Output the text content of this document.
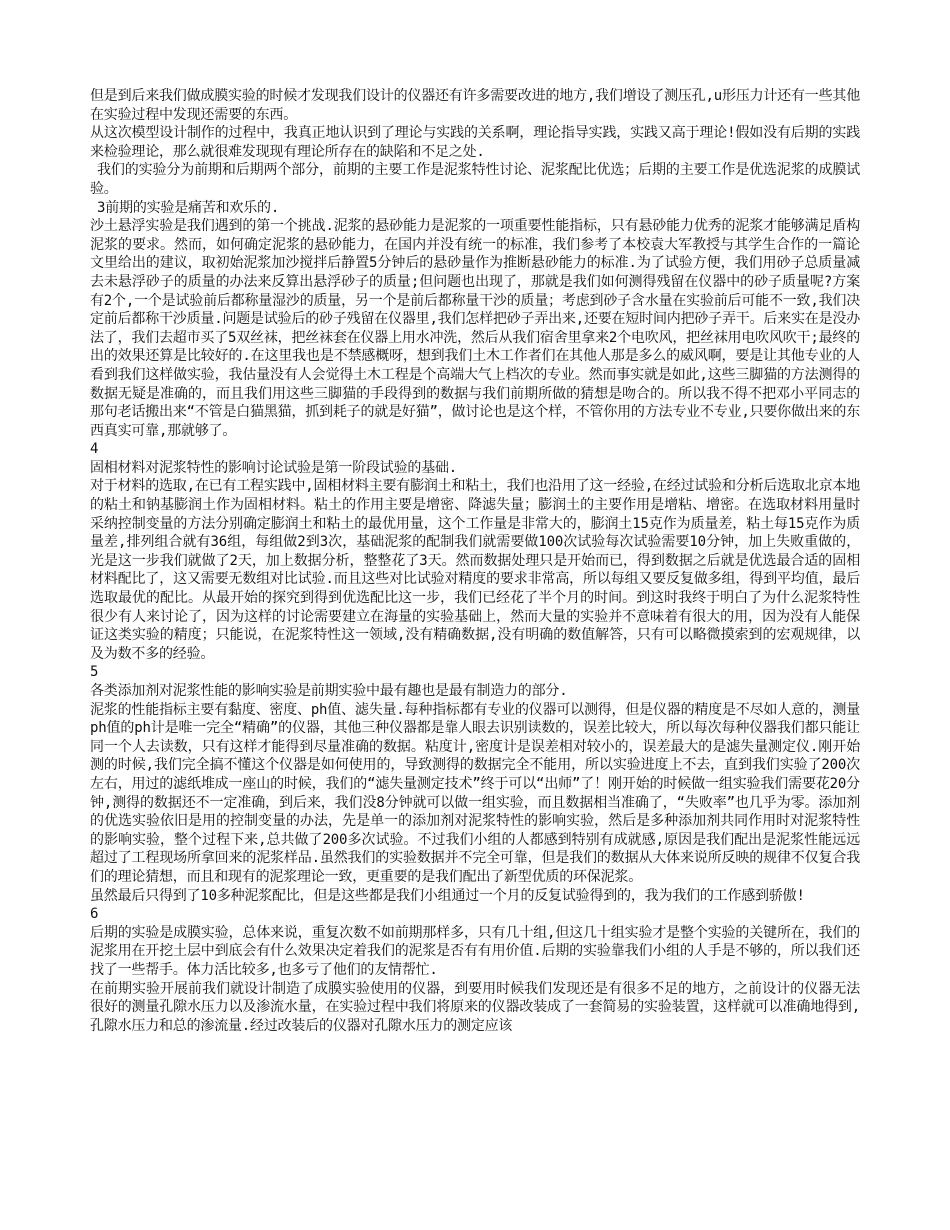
但是到后来我们做成膜实验的时候才发现我们设计的仪器还有许多需要改进的地方,我们增设了测压孔,u形压力计还有一些其他在实验过程中发现还需要的东西。

从这次模型设计制作的过程中，我真正地认识到了理论与实践的关系啊，理论指导实践，实践又高于理论!假如没有后期的实践来检验理论，那么就很难发现现有理论所存在的缺陷和不足之处.

我们的实验分为前期和后期两个部分，前期的主要工作是泥浆特性讨论、泥浆配比优选；后期的主要工作是优选泥浆的成膜试验。

3前期的实验是痛苦和欢乐的.

沙土悬浮实验是我们遇到的第一个挑战.泥浆的悬砂能力是泥浆的一项重要性能指标，只有悬砂能力优秀的泥浆才能够满足盾构泥浆的要求。然而，如何确定泥浆的悬砂能力，在国内并没有统一的标准，我们参考了本校袁大军教授与其学生合作的一篇论文里给出的建议，取初始泥浆加沙搅拌后静置5分钟后的悬砂量作为推断悬砂能力的标准.为了试验方便，我们用砂子总质量减去未悬浮砂子的质量的办法来反算出悬浮砂子的质量;但问题也出现了，那就是我们如何测得残留在仪器中的砂子质量呢?方案有2个,一个是试验前后都称量湿沙的质量，另一个是前后都称量干沙的质量；考虑到砂子含水量在实验前后可能不一致,我们决定前后都称干沙质量.问题是试验后的砂子残留在仪器里,我们怎样把砂子弄出来,还要在短时间内把砂子弄干。后来实在是没办法了，我们去超市买了5双丝袜，把丝袜套在仪器上用水冲洗，然后从我们宿舍里拿来2个电吹风，把丝袜用电吹风吹干;最终的出的效果还算是比较好的.在这里我也是不禁感概呀，想到我们土木工作者们在其他人那是多么的威风啊，要是让其他专业的人看到我们这样做实验，我估量没有人会觉得土木工程是个高端大气上档次的专业。然而事实就是如此,这些三脚猫的方法测得的数据无疑是准确的，而且我们用这些三脚猫的手段得到的数据与我们前期所做的猜想是吻合的。所以我不得不把邓小平同志的那句老话搬出来“不管是白猫黑猫，抓到耗子的就是好猫”，做讨论也是这个样，不管你用的方法专业不专业,只要你做出来的东西真实可靠,那就够了。

4

固相材料对泥浆特性的影响讨论试验是第一阶段试验的基础.

对于材料的选取,在已有工程实践中,固相材料主要有膨润土和粘土，我们也沿用了这一经验,在经过试验和分析后选取北京本地的粘土和钠基膨润土作为固相材料。粘土的作用主要是增密、降滤失量；膨润土的主要作用是增粘、增密。在选取材料用量时采纳控制变量的方法分别确定膨润土和粘土的最优用量，这个工作量是非常大的，膨润土15克作为质量差，粘土每15克作为质量差,排列组合就有36组，每组做2到3次，基础泥浆的配制我们就需要做100次试验每次试验需要10分钟，加上失败重做的，光是这一步我们就做了2天，加上数据分析，整整花了3天。然而数据处理只是开始而已，得到数据之后就是优选最合适的固相材料配比了，这又需要无数组对比试验.而且这些对比试验对精度的要求非常高，所以每组又要反复做多组，得到平均值，最后选取最优的配比。从最开始的探究到得到优选配比这一步，我们已经花了半个月的时间。到这时我终于明白了为什么泥浆特性很少有人来讨论了，因为这样的讨论需要建立在海量的实验基础上，然而大量的实验并不意味着有很大的用，因为没有人能保证这类实验的精度；只能说，在泥浆特性这一领域,没有精确数据,没有明确的数值解答，只有可以略微摸索到的宏观规律，以及为数不多的经验。

5

各类添加剂对泥浆性能的影响实验是前期实验中最有趣也是最有制造力的部分.

泥浆的性能指标主要有黏度、密度、ph值、滤失量.每种指标都有专业的仪器可以测得，但是仪器的精度是不尽如人意的，测量ph值的ph计是唯一完全“精确”的仪器，其他三种仪器都是靠人眼去识别读数的，误差比较大，所以每次每种仪器我们都只能让同一个人去读数，只有这样才能得到尽量准确的数据。粘度计,密度计是误差相对较小的，误差最大的是滤失量测定仪.刚开始测的时候,我们完全搞不懂这个仪器是如何使用的，导致测得的数据完全不能用，所以实验进度上不去，直到我们实验了200次左右，用过的滤纸堆成一座山的时候，我们的“滤失量测定技术”终于可以“出师”了！刚开始的时候做一组实验我们需要花20分钟,测得的数据还不一定准确，到后来，我们没8分钟就可以做一组实验，而且数据相当准确了，“失败率”也几乎为零。添加剂的优选实验依旧是用的控制变量的办法，先是单一的添加剂对泥浆特性的影响实验，然后是多种添加剂共同作用时对泥浆特性的影响实验，整个过程下来,总共做了200多次试验。不过我们小组的人都感到特别有成就感,原因是我们配出是泥浆性能远远超过了工程现场所拿回来的泥浆样品.虽然我们的实验数据并不完全可靠，但是我们的数据从大体来说所反映的规律不仅复合我们的理论猜想，而且和现有的泥浆理论一致，更重要的是我们配出了新型优质的环保泥浆。

虽然最后只得到了10多种泥浆配比，但是这些都是我们小组通过一个月的反复试验得到的，我为我们的工作感到骄傲!

6

后期的实验是成膜实验，总体来说，重复次数不如前期那样多，只有几十组,但这几十组实验才是整个实验的关键所在，我们的泥浆用在开挖土层中到底会有什么效果决定着我们的泥浆是否有有用价值.后期的实验靠我们小组的人手是不够的，所以我们还找了一些帮手。体力活比较多,也多亏了他们的友情帮忙.

在前期实验开展前我们就设计制造了成膜实验使用的仪器，到要用时候我们发现还是有很多不足的地方，之前设计的仪器无法很好的测量孔隙水压力以及渗流水量，在实验过程中我们将原来的仪器改装成了一套简易的实验装置，这样就可以准确地得到,孔隙水压力和总的渗流量.经过改装后的仪器对孔隙水压力的测定应该
